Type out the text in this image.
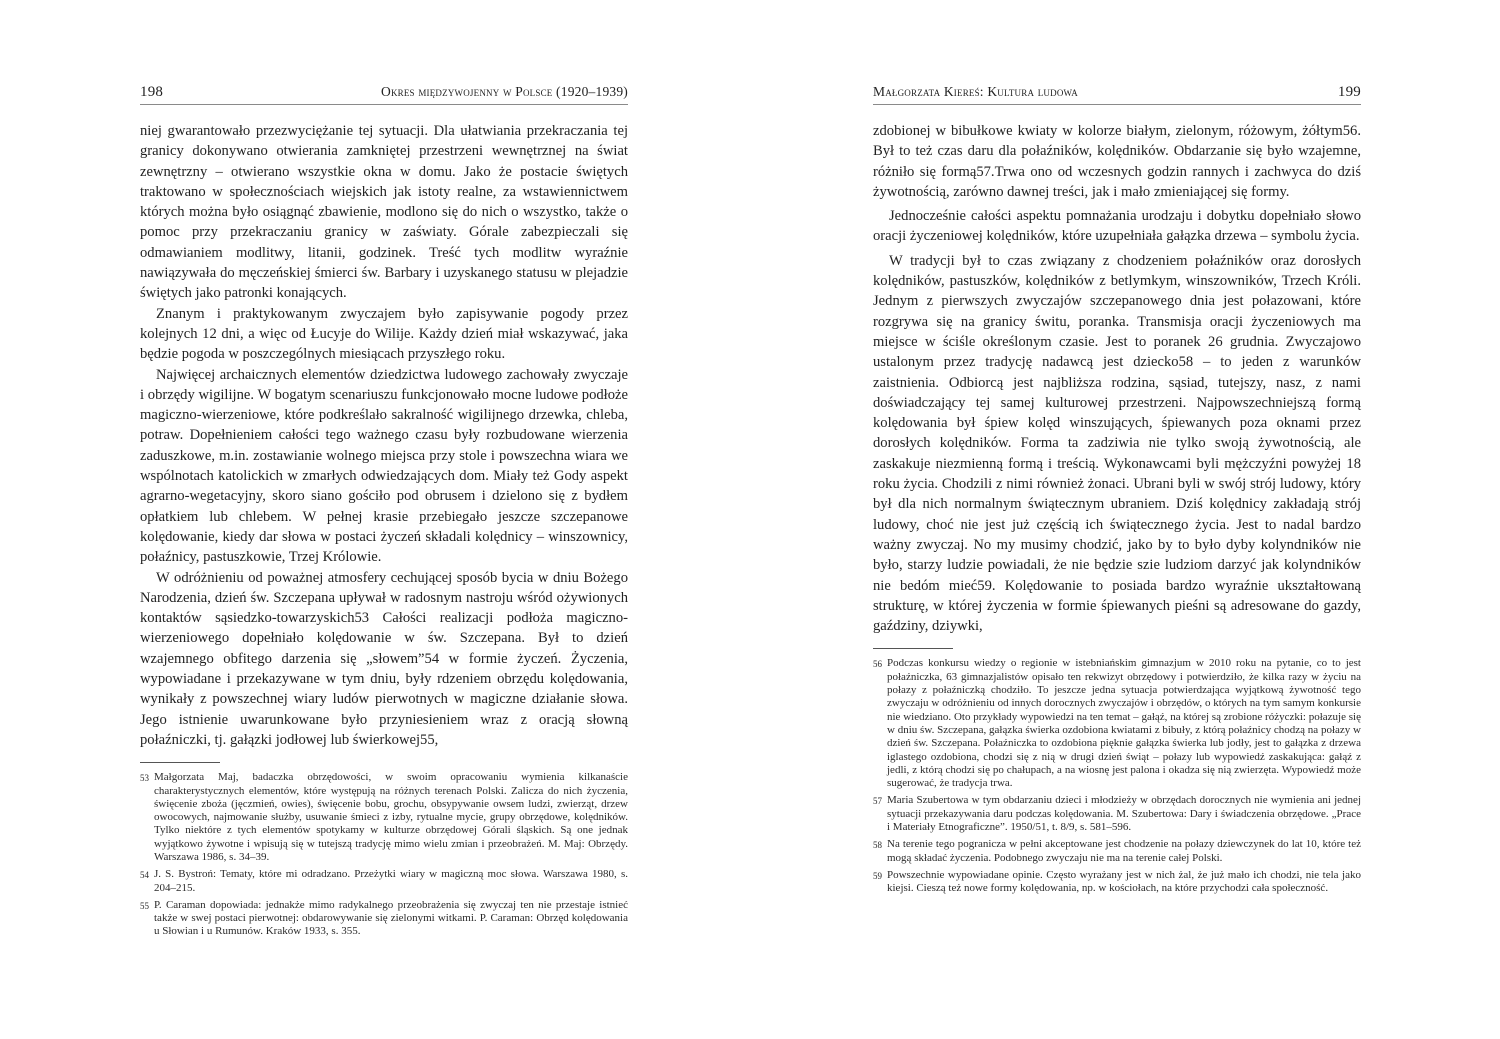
198	Okres międzywojenny w Polsce (1920–1939)

niej gwarantowało przezwyciężanie tej sytuacji. Dla ułatwiania przekraczania tej granicy dokonywano otwierania zamkniętej przestrzeni wewnętrznej na świat zewnętrzny – otwierano wszystkie okna w domu. Jako że postacie świętych traktowano w społecznościach wiejskich jak istoty realne, za wstawiennictwem których można było osiągnąć zbawienie, modlono się do nich o wszystko, także o pomoc przy przekraczaniu granicy w zaświaty. Górale zabezpieczali się odmawianiem modlitwy, litanii, godzinek. Treść tych modlitw wyraźnie nawiązywała do męczeńskiej śmierci św. Barbary i uzyskanego statusu w plejadzie świętych jako patronki konających.

Znanym i praktykowanym zwyczajem było zapisywanie pogody przez kolejnych 12 dni, a więc od Łucyje do Wilije. Każdy dzień miał wskazywać, jaka będzie pogoda w poszczególnych miesiącach przyszłego roku.

Najwięcej archaicznych elementów dziedzictwa ludowego zachowały zwyczaje i obrzędy wigilijne. W bogatym scenariuszu funkcjonowało mocne ludowe podłoże magiczno-wierzeniowe, które podkreślało sakralność wigilijnego drzewka, chleba, potraw. Dopełnieniem całości tego ważnego czasu były rozbudowane wierzenia zaduszkowe, m.in. zostawianie wolnego miejsca przy stole i powszechna wiara we wspólnotach katolickich w zmarłych odwiedzających dom. Miały też Gody aspekt agrarno-wegetacyjny, skoro siano gościło pod obrusem i dzielono się z bydłem opłatkiem lub chlebem. W pełnej krasie przebiegało jeszcze szczepanowe kolędowanie, kiedy dar słowa w postaci życzeń składali kolędnicy – winszownicy, połaźnicy, pastuszkowie, Trzej Królowie.

W odróżnieniu od poważnej atmosfery cechującej sposób bycia w dniu Bożego Narodzenia, dzień św. Szczepana upływał w radosnym nastroju wśród ożywionych kontaktów sąsiedzko-towarzyskich53 Całości realizacji podłoża magiczno-wierzeniowego dopełniało kolędowanie w św. Szczepana. Był to dzień wzajemnego obfitego darzenia się „słowem”54 w formie życzeń. Życzenia, wypowiadane i przekazywane w tym dniu, były rdzeniem obrzędu kolędowania, wynikały z powszechnej wiary ludów pierwotnych w magiczne działanie słowa. Jego istnienie uwarunkowane było przyniesieniem wraz z oracją słowną połaźniczki, tj. gałązki jodłowej lub świerkowej55,

53 Małgorzata Maj, badaczka obrzędowości, w swoim opracowaniu wymienia kilkanaście charakterystycznych elementów, które występują na różnych terenach Polski. Zalicza do nich życzenia, święcenie zboża (jęczmień, owies), święcenie bobu, grochu, obsypywanie owsem ludzi, zwierząt, drzew owocowych, najmowanie służby, usuwanie śmieci z izby, rytualne mycie, grupy obrzędowe, kolędników. Tylko niektóre z tych elementów spotykamy w kulturze obrzędowej Górali śląskich. Są one jednak wyjątkowo żywotne i wpisują się w tutejszą tradycję mimo wielu zmian i przeobrażeń. M. Maj: Obrzędy. Warszawa 1986, s. 34–39.
54 J. S. Bystroń: Tematy, które mi odradzano. Przeżytki wiary w magiczną moc słowa. Warszawa 1980, s. 204–215.
55 P. Caraman dopowiada: jednakże mimo radykalnego przeobrażenia się zwyczaj ten nie przestaje istnieć także w swej postaci pierwotnej: obdarowywanie się zielonymi witkami. P. Caraman: Obrzęd kolędowania u Słowian i u Rumunów. Kraków 1933, s. 355.
Małgorzata Kiereś: Kultura ludowa	199

zdobionej w bibułkowe kwiaty w kolorze białym, zielonym, różowym, żółtym56. Był to też czas daru dla połaźników, kolędników. Obdarzanie się było wzajemne, różniło się formą57.Trwa ono od wczesnych godzin rannych i zachwyca do dziś żywotnością, zarówno dawnej treści, jak i mało zmieniającej się formy.

Jednocześnie całości aspektu pomnażania urodzaju i dobytku dopełniało słowo oracji życzeniowej kolędników, które uzupełniała gałązka drzewa – symbolu życia.

W tradycji był to czas związany z chodzeniem połaźników oraz dorosłych kolędników, pastuszków, kolędników z betlymkym, winszowników, Trzech Króli. Jednym z pierwszych zwyczajów szczepanowego dnia jest połazowani, które rozgrywa się na granicy świtu, poranka. Transmisja oracji życzeniowych ma miejsce w ściśle określonym czasie. Jest to poranek 26 grudnia. Zwyczajowo ustalonym przez tradycję nadawcą jest dziecko58 – to jeden z warunków zaistnienia. Odbiorcą jest najbliższa rodzina, sąsiad, tutejszy, nasz, z nami doświadczający tej samej kulturowej przestrzeni. Najpowszechniejszą formą kolędowania był śpiew kolęd winszujących, śpiewanych poza oknami przez dorosłych kolędników. Forma ta zadziwia nie tylko swoją żywotnością, ale zaskakuje niezmienną formą i treścią. Wykonawcami byli mężczyźni powyżej 18 roku życia. Chodzili z nimi również żonaci. Ubrani byli w swój strój ludowy, który był dla nich normalnym świątecznym ubraniem. Dziś kolędnicy zakładają strój ludowy, choć nie jest już częścią ich świątecznego życia. Jest to nadal bardzo ważny zwyczaj. No my musimy chodzić, jako by to było dyby kolyndników nie było, starzy ludzie powiadali, że nie będzie szie ludziom darzyć jak kolyndników nie bedóm mieć59. Kolędowanie to posiada bardzo wyraźnie ukształtowaną strukturę, w której życzenia w formie śpiewanych pieśni są adresowane do gazdy, gaździny, dziywki,

56 Podczas konkursu wiedzy o regionie w istebniańskim gimnazjum w 2010 roku na pytanie, co to jest połaźniczka, 63 gimnazjalistów opisało ten rekwizyt obrzędowy i potwierdziło, że kilka razy w życiu na połazy z połaźniczką chodziło. To jeszcze jedna sytuacja potwierdzająca wyjątkową żywotność tego zwyczaju w odróżnieniu od innych dorocznych zwyczajów i obrzędów, o których na tym samym konkursie nie wiedziano. Oto przykłady wypowiedzi na ten temat – gałąź, na której są zrobione różyczki: połazuje się w dniu św. Szczepana, gałązka świerka ozdobiona kwiatami z bibuły, z którą połaźnicy chodzą na połazy w dzień św. Szczepana. Połaźniczka to ozdobiona pięknie gałązka świerka lub jodły, jest to gałązka z drzewa iglastego ozdobiona, chodzi się z nią w drugi dzień świąt – połazy lub wypowiedź zaskakująca: gałąź z jedli, z którą chodzi się po chałupach, a na wiosnę jest palona i okadza się nią zwierzęta. Wypowiedź może sugerować, że tradycja trwa.
57 Maria Szubertowa w tym obdarzaniu dzieci i młodzieży w obrzędach dorocznych nie wymienia ani jednej sytuacji przekazywania daru podczas kolędowania. M. Szubertowa: Dary i świadczenia obrzędowe. „Prace i Materiały Etnograficzne”. 1950/51, t. 8/9, s. 581–596.
58 Na terenie tego pogranicza w pełni akceptowane jest chodzenie na połazy dziewczynek do lat 10, które też mogą składać życzenia. Podobnego zwyczaju nie ma na terenie całej Polski.
59 Powszechnie wypowiadane opinie. Często wyrażany jest w nich żal, że już mało ich chodzi, nie tela jako kiejsi. Cieszą też nowe formy kolędowania, np. w kościołach, na które przychodzi cała społeczność.
